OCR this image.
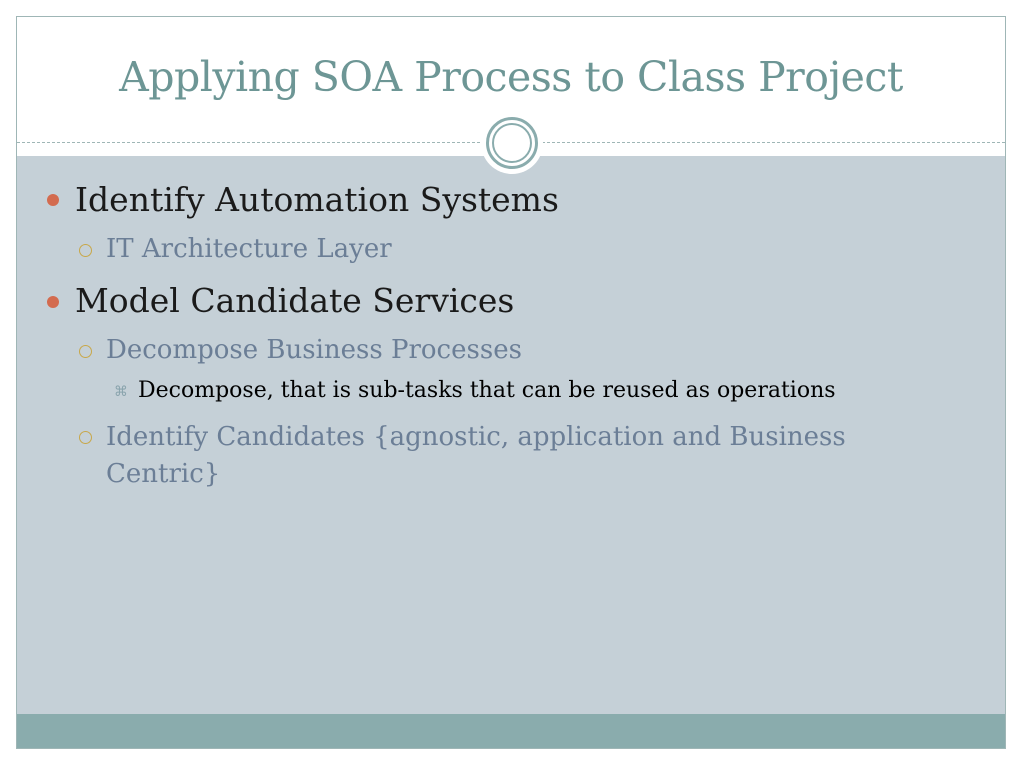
Applying SOA Process to Class Project
Identify Automation Systems
IT Architecture Layer
Model Candidate Services
Decompose Business Processes
⌘ Decompose, that is sub-tasks that can be reused as operations
Identify Candidates {agnostic, application and Business Centric}
